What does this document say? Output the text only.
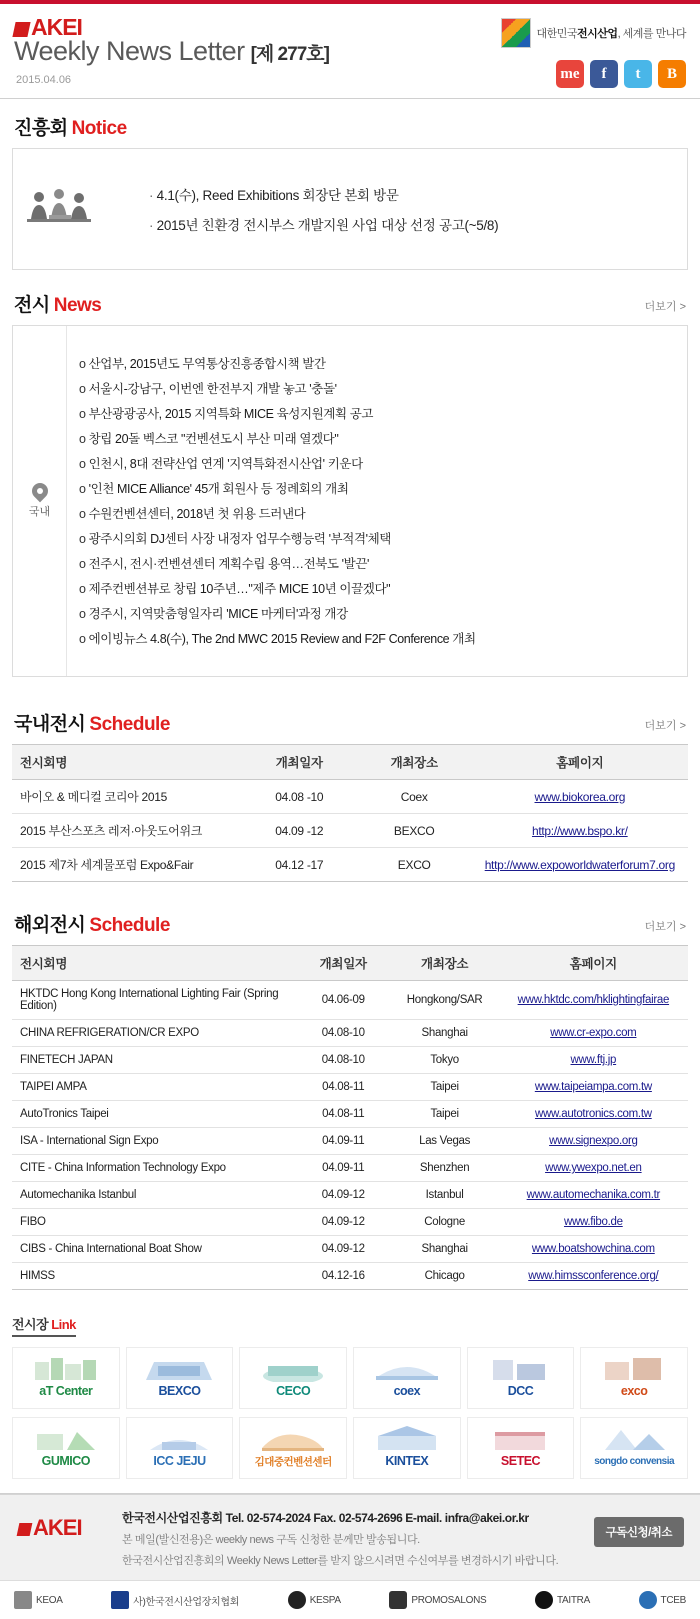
AKEI
Weekly News Letter [제 277호]
2015.04.06
대한민국전시산업, 세계를 만나다
me f t B
진흥회 Notice
· 4.1(수), Reed Exhibitions 회장단 본회 방문
· 2015년 친환경 전시부스 개발지원 사업 대상 선정 공고(~5/8)
전시 News	더보기 >
국내
ο 산업부, 2015년도 무역통상진흥종합시책 발간
ο 서울시-강남구, 이번엔 한전부지 개발 놓고 '충돌'
ο 부산광광공사, 2015 지역특화 MICE 육성지원계획 공고
ο 창립 20돌 벡스코 "컨벤션도시 부산 미래 열겠다"
ο 인천시, 8대 전략산업 연계 '지역특화전시산업' 키운다
ο '인천 MICE Alliance' 45개 회원사 등 정례회의 개최
ο 수원컨벤션센터, 2018년 첫 위용 드러낸다
ο 광주시의회 DJ센터 사장 내정자 업무수행능력 '부적격'체택
ο 전주시, 전시·컨벤션센터 계획수립 용역…전북도 '발끈'
ο 제주컨벤션뷰로 창립 10주년…"제주 MICE 10년 이끌겠다"
ο 경주시, 지역맞춤형일자리 'MICE 마케터'과정 개강
ο 에이빙뉴스 4.8(수), The 2nd MWC 2015 Review and F2F Conference 개최
국내전시 Schedule	더보기 >
전시회명	개최일자	개최장소	홈페이지
바이오 & 메디컬 코리아 2015	04.08 -10	Coex	www.biokorea.org
2015 부산스포츠 레저·아웃도어위크	04.09 -12	BEXCO	http://www.bspo.kr/
2015 제7차 세계물포럼 Expo&Fair	04.12 -17	EXCO	http://www.expoworldwaterforum7.org
해외전시 Schedule	더보기 >
전시회명	개최일자	개최장소	홈페이지
HKTDC Hong Kong International Lighting Fair (Spring Edition)	04.06-09	Hongkong/SAR	www.hktdc.com/hklightingfairae
CHINA REFRIGERATION/CR EXPO	04.08-10	Shanghai	www.cr-expo.com
FINETECH JAPAN	04.08-10	Tokyo	www.ftj.jp
TAIPEI AMPA	04.08-11	Taipei	www.taipeiampa.com.tw
AutoTronics Taipei	04.08-11	Taipei	www.autotronics.com.tw
ISA - International Sign Expo	04.09-11	Las Vegas	www.signexpo.org
CITE - China Information Technology Expo	04.09-11	Shenzhen	www.ywexpo.net.en
Automechanika Istanbul	04.09-12	Istanbul	www.automechanika.com.tr
FIBO	04.09-12	Cologne	www.fibo.de
CIBS - China International Boat Show	04.09-12	Shanghai	www.boatshowchina.com
HIMSS	04.12-16	Chicago	www.himssconference.org/
전시장 Link
aT Center	BEXCO	CECO	coex	DCC	exco
GUMICO	ICC JEJU	김대중컨벤션센터	KINTEX	SETEC	songdo convensia
AKEI	한국전시산업진흥회 Tel. 02-574-2024 Fax. 02-574-2696 E-mail. infra@akei.or.kr
본 메일(발신전용)은 weekly news 구독 신청한 분께만 발송됩니다.
한국전시산업진흥회의 Weekly News Letter를 받지 않으시려면 수신여부를 변경하시기 바랍니다.
구독신청/취소
KEOA	사)한국전시산업장치협회	KESPA	PROMOSALONS	TAITRA	TCEB
